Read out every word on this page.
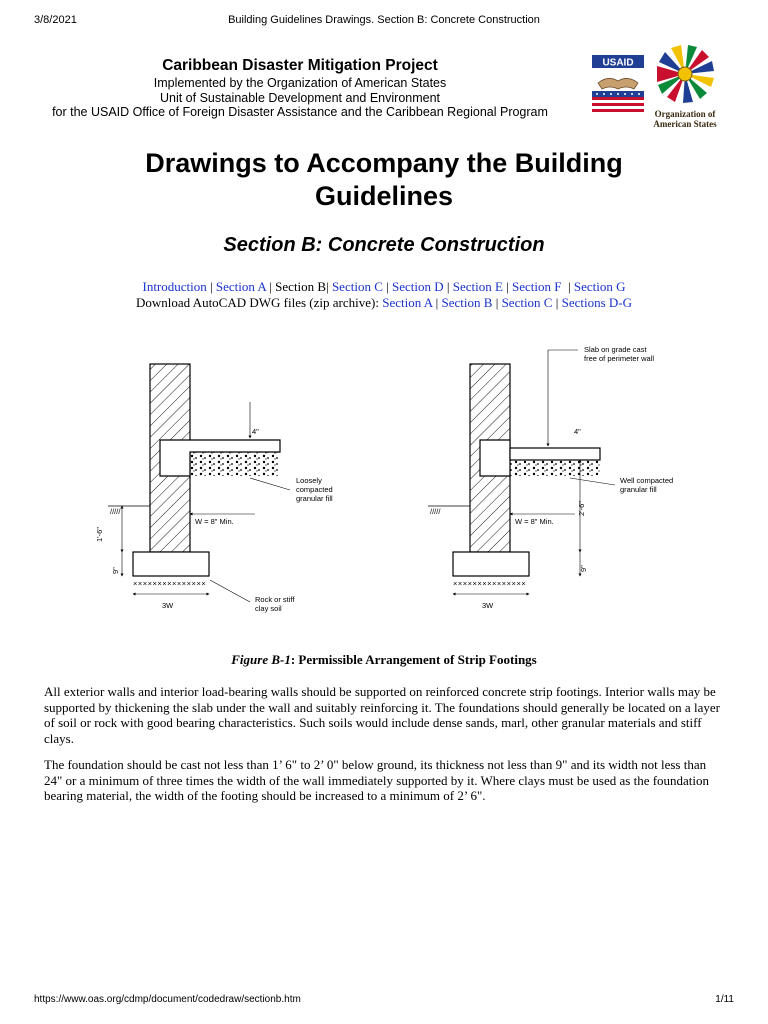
3/8/2021	Building Guidelines Drawings. Section B: Concrete Construction
Caribbean Disaster Mitigation Project
Implemented by the Organization of American States
Unit of Sustainable Development and Environment
for the USAID Office of Foreign Disaster Assistance and the Caribbean Regional Program
USAID
Organization of
American States
Drawings to Accompany the Building
Guidelines
Section B: Concrete Construction
Introduction | Section A | Section B| Section C | Section D | Section E | Section F  | Section G
Download AutoCAD DWG files (zip archive): Section A | Section B | Section C | Sections D-G
×××××××××××××××
/////
4"
Loosely
compacted
granular fill
W = 8" Min.
1'-6"
9"
3W
Rock or stiff
clay soil
×××××××××××××××
/////
Slab on grade cast
free of perimeter wall
4"
Well compacted
granular fill
W = 8" Min.
2'-6"
9"
3W
Figure B-1: Permissible Arrangement of Strip Footings

All exterior walls and interior load-bearing walls should be supported on reinforced concrete strip footings. Interior walls may be supported by thickening the slab under the wall and suitably reinforcing it. The foundations should generally be located on a layer of soil or rock with good bearing characteristics. Such soils would include dense sands, marl, other granular materials and stiff clays.

The foundation should be cast not less than 1’ 6" to 2’ 0" below ground, its thickness not less than 9" and its width not less than 24" or a minimum of three times the width of the wall immediately supported by it. Where clays must be used as the foundation bearing material, the width of the footing should be increased to a minimum of 2’ 6".

https://www.oas.org/cdmp/document/codedraw/sectionb.htm	1/11
